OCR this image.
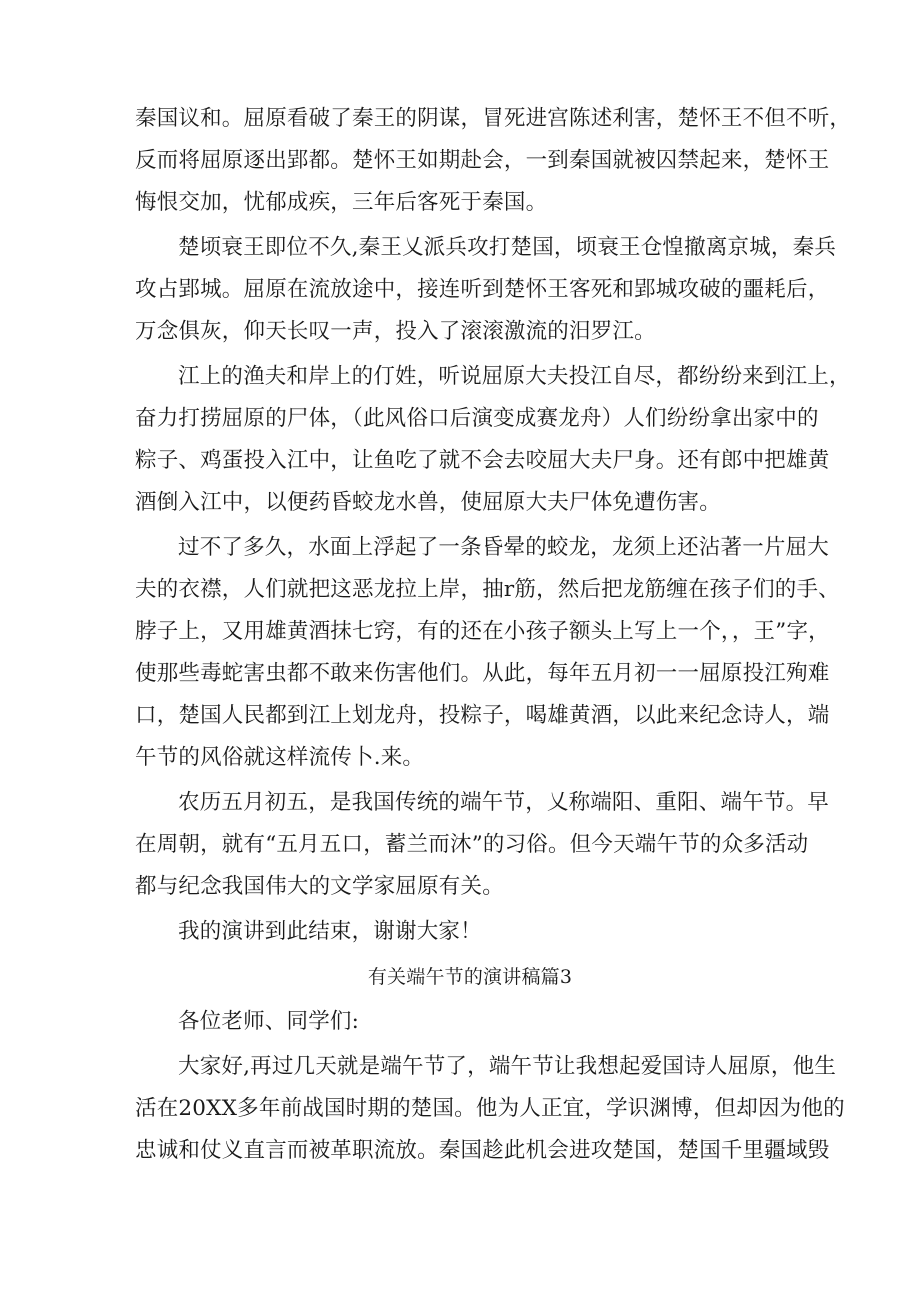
秦国议和。屈原看破了秦王的阴谋，冒死进宫陈述利害，楚怀王不但不听，
反而将屈原逐出郢都。楚怀王如期赴会，一到秦国就被囚禁起来，楚怀王
悔恨交加，忧郁成疾，三年后客死于秦国。
楚顷衰王即位不久,秦王乂派兵攻打楚国，顷衰王仓惶撤离京城，秦兵
攻占郢城。屈原在流放途中，接连听到楚怀王客死和郢城攻破的噩耗后，
万念俱灰，仰天长叹一声，投入了滚滚激流的汨罗江。
江上的渔夫和岸上的仃姓，听说屈原大夫投江自尽，都纷纷来到江上，
奋力打捞屈原的尸体，（此风俗口后演变成赛龙舟）人们纷纷拿出家中的
粽子、鸡蛋投入江中，让鱼吃了就不会去咬屈大夫尸身。还有郎中把雄黄
酒倒入江中，以便药昏蛟龙水兽，使屈原大夫尸体免遭伤害。
过不了多久，水面上浮起了一条昏晕的蛟龙，龙须上还沾著一片屈大
夫的衣襟，人们就把这恶龙拉上岸，抽r筋，然后把龙筋缠在孩子们的手、
脖子上，又用雄黄酒抹七窍，有的还在小孩子额头上写上一个，，王”字，
使那些毒蛇害虫都不敢来伤害他们。从此，每年五月初一一屈原投江殉难
口，楚国人民都到江上划龙舟，投粽子，喝雄黄酒，以此来纪念诗人，端
午节的风俗就这样流传卜.来。
农历五月初五，是我国传统的端午节，乂称端阳、重阳、端午节。早
在周朝，就有“五月五口，蓄兰而沐”的习俗。但今天端午节的众多活动
都与纪念我国伟大的文学家屈原有关。
我的演讲到此结束，谢谢大家！
有关端午节的演讲稿篇3
各位老师、同学们:
大家好,再过几天就是端午节了，端午节让我想起爱国诗人屈原，他生
活在20XX多年前战国时期的楚国。他为人正宜，学识渊博，但却因为他的
忠诚和仗义直言而被革职流放。秦国趁此机会进攻楚国，楚国千里疆域毁
